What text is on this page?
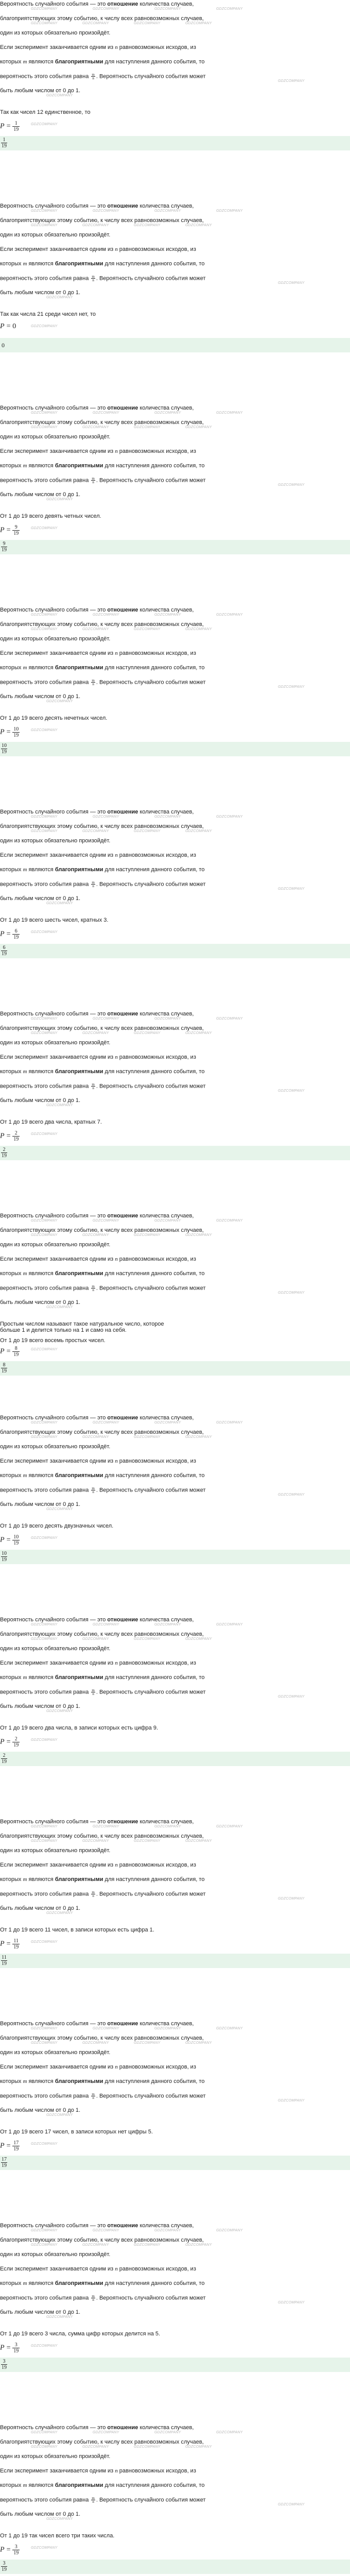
Вероятность случайного события — это отношение количества случаев,
благоприятствующих этому событию, к числу всех равновозможных случаев,
один из которых обязательно произойдёт.
Если эксперимент заканчивается одним из n равновозможных исходов, из
которых m являются благоприятными для наступления данного события, то
вероятность этого события равна $\frac{m}{n}$ . Вероятность случайного события может
быть любым числом от 0 до 1.
GDZCOMPANY	GDZCOMPANY	GDZCOMPANY	GDZCOMPANY
GDZCOMPANY	GDZCOMPANY	GDZCOMPANY	GDZCOMPANY
GDZCOMPANY
GDZCOMPANY
Так как чисел 12 единственное, то
$P = \frac{1}{19}$	GDZCOMPANY
$\frac{1}{19}$
Вероятность случайного события — это отношение количества случаев,
благоприятствующих этому событию, к числу всех равновозможных случаев,
один из которых обязательно произойдёт.
Если эксперимент заканчивается одним из n равновозможных исходов, из
которых m являются благоприятными для наступления данного события, то
вероятность этого события равна $\frac{m}{n}$ . Вероятность случайного события может
быть любым числом от 0 до 1.
GDZCOMPANY	GDZCOMPANY	GDZCOMPANY	GDZCOMPANY
GDZCOMPANY	GDZCOMPANY	GDZCOMPANY	GDZCOMPANY
GDZCOMPANY
GDZCOMPANY
Так как числа 21 среди чисел нет, то
P = 0	GDZCOMPANY
0
Вероятность случайного события — это отношение количества случаев,
благоприятствующих этому событию, к числу всех равновозможных случаев,
один из которых обязательно произойдёт.
Если эксперимент заканчивается одним из n равновозможных исходов, из
которых m являются благоприятными для наступления данного события, то
вероятность этого события равна $\frac{m}{n}$ . Вероятность случайного события может
быть любым числом от 0 до 1.
GDZCOMPANY	GDZCOMPANY	GDZCOMPANY	GDZCOMPANY
GDZCOMPANY	GDZCOMPANY	GDZCOMPANY	GDZCOMPANY
GDZCOMPANY
GDZCOMPANY
От 1 до 19 всего девять четных чисел.
$P = \frac{9}{19}$	GDZCOMPANY
$\frac{9}{19}$
Вероятность случайного события — это отношение количества случаев,
благоприятствующих этому событию, к числу всех равновозможных случаев,
один из которых обязательно произойдёт.
Если эксперимент заканчивается одним из n равновозможных исходов, из
которых m являются благоприятными для наступления данного события, то
вероятность этого события равна $\frac{m}{n}$ . Вероятность случайного события может
быть любым числом от 0 до 1.
GDZCOMPANY	GDZCOMPANY	GDZCOMPANY	GDZCOMPANY
GDZCOMPANY	GDZCOMPANY	GDZCOMPANY	GDZCOMPANY
GDZCOMPANY
GDZCOMPANY
От 1 до 19 всего десять нечетных чисел.
$P = \frac{10}{19}$	GDZCOMPANY
$\frac{10}{19}$
Вероятность случайного события — это отношение количества случаев,
благоприятствующих этому событию, к числу всех равновозможных случаев,
один из которых обязательно произойдёт.
Если эксперимент заканчивается одним из n равновозможных исходов, из
которых m являются благоприятными для наступления данного события, то
вероятность этого события равна $\frac{m}{n}$ . Вероятность случайного события может
быть любым числом от 0 до 1.
GDZCOMPANY	GDZCOMPANY	GDZCOMPANY	GDZCOMPANY
GDZCOMPANY	GDZCOMPANY	GDZCOMPANY	GDZCOMPANY
GDZCOMPANY
GDZCOMPANY
От 1 до 19 всего шесть чисел, кратных 3.
$P = \frac{6}{19}$	GDZCOMPANY
$\frac{6}{19}$
Вероятность случайного события — это отношение количества случаев,
благоприятствующих этому событию, к числу всех равновозможных случаев,
один из которых обязательно произойдёт.
Если эксперимент заканчивается одним из n равновозможных исходов, из
которых m являются благоприятными для наступления данного события, то
вероятность этого события равна $\frac{m}{n}$ . Вероятность случайного события может
быть любым числом от 0 до 1.
GDZCOMPANY	GDZCOMPANY	GDZCOMPANY	GDZCOMPANY
GDZCOMPANY	GDZCOMPANY	GDZCOMPANY	GDZCOMPANY
GDZCOMPANY
GDZCOMPANY
От 1 до 19 всего два числа, кратных 7.
$P = \frac{2}{19}$	GDZCOMPANY
$\frac{2}{19}$
Вероятность случайного события — это отношение количества случаев,
благоприятствующих этому событию, к числу всех равновозможных случаев,
один из которых обязательно произойдёт.
Если эксперимент заканчивается одним из n равновозможных исходов, из
которых m являются благоприятными для наступления данного события, то
вероятность этого события равна $\frac{m}{n}$ . Вероятность случайного события может
быть любым числом от 0 до 1.
GDZCOMPANY	GDZCOMPANY	GDZCOMPANY	GDZCOMPANY
GDZCOMPANY	GDZCOMPANY	GDZCOMPANY	GDZCOMPANY
GDZCOMPANY
GDZCOMPANY
Простым числом называют такое натуральное число, которое больше 1 и делится только на 1 и само на себя.
От 1 до 19 всего восемь простых чисел.
$P = \frac{8}{19}$	GDZCOMPANY
$\frac{8}{19}$
Вероятность случайного события — это отношение количества случаев,
благоприятствующих этому событию, к числу всех равновозможных случаев,
один из которых обязательно произойдёт.
Если эксперимент заканчивается одним из n равновозможных исходов, из
которых m являются благоприятными для наступления данного события, то
вероятность этого события равна $\frac{m}{n}$ . Вероятность случайного события может
быть любым числом от 0 до 1.
GDZCOMPANY	GDZCOMPANY	GDZCOMPANY	GDZCOMPANY
GDZCOMPANY	GDZCOMPANY	GDZCOMPANY	GDZCOMPANY
GDZCOMPANY
GDZCOMPANY
От 1 до 19 всего десять двузначных чисел.
$P = \frac{10}{19}$	GDZCOMPANY
$\frac{10}{19}$
Вероятность случайного события — это отношение количества случаев,
благоприятствующих этому событию, к числу всех равновозможных случаев,
один из которых обязательно произойдёт.
Если эксперимент заканчивается одним из n равновозможных исходов, из
которых m являются благоприятными для наступления данного события, то
вероятность этого события равна $\frac{m}{n}$ . Вероятность случайного события может
быть любым числом от 0 до 1.
GDZCOMPANY	GDZCOMPANY	GDZCOMPANY	GDZCOMPANY
GDZCOMPANY	GDZCOMPANY	GDZCOMPANY	GDZCOMPANY
GDZCOMPANY
GDZCOMPANY
От 1 до 19 всего два числа, в записи которых есть цифра 9.
$P = \frac{2}{19}$	GDZCOMPANY
$\frac{2}{19}$
Вероятность случайного события — это отношение количества случаев,
благоприятствующих этому событию, к числу всех равновозможных случаев,
один из которых обязательно произойдёт.
Если эксперимент заканчивается одним из n равновозможных исходов, из
которых m являются благоприятными для наступления данного события, то
вероятность этого события равна $\frac{m}{n}$ . Вероятность случайного события может
быть любым числом от 0 до 1.
GDZCOMPANY	GDZCOMPANY	GDZCOMPANY	GDZCOMPANY
GDZCOMPANY	GDZCOMPANY	GDZCOMPANY	GDZCOMPANY
GDZCOMPANY
GDZCOMPANY
От 1 до 19 всего 11 чисел, в записи которых есть цифра 1.
$P = \frac{11}{19}$	GDZCOMPANY
$\frac{11}{19}$
Вероятность случайного события — это отношение количества случаев,
благоприятствующих этому событию, к числу всех равновозможных случаев,
один из которых обязательно произойдёт.
Если эксперимент заканчивается одним из n равновозможных исходов, из
которых m являются благоприятными для наступления данного события, то
вероятность этого события равна $\frac{m}{n}$ . Вероятность случайного события может
быть любым числом от 0 до 1.
GDZCOMPANY	GDZCOMPANY	GDZCOMPANY	GDZCOMPANY
GDZCOMPANY	GDZCOMPANY	GDZCOMPANY	GDZCOMPANY
GDZCOMPANY
GDZCOMPANY
От 1 до 19 всего 17 чисел, в записи которых нет цифры 5.
$P = \frac{17}{19}$	GDZCOMPANY
$\frac{17}{19}$
Вероятность случайного события — это отношение количества случаев,
благоприятствующих этому событию, к числу всех равновозможных случаев,
один из которых обязательно произойдёт.
Если эксперимент заканчивается одним из n равновозможных исходов, из
которых m являются благоприятными для наступления данного события, то
вероятность этого события равна $\frac{m}{n}$ . Вероятность случайного события может
быть любым числом от 0 до 1.
GDZCOMPANY	GDZCOMPANY	GDZCOMPANY	GDZCOMPANY
GDZCOMPANY	GDZCOMPANY	GDZCOMPANY	GDZCOMPANY
GDZCOMPANY
GDZCOMPANY
От 1 до 19 всего 3 числа, сумма цифр которых делится на 5.
$P = \frac{3}{19}$	GDZCOMPANY
$\frac{3}{19}$
Вероятность случайного события — это отношение количества случаев,
благоприятствующих этому событию, к числу всех равновозможных случаев,
один из которых обязательно произойдёт.
Если эксперимент заканчивается одним из n равновозможных исходов, из
которых m являются благоприятными для наступления данного события, то
вероятность этого события равна $\frac{m}{n}$ . Вероятность случайного события может
быть любым числом от 0 до 1.
GDZCOMPANY	GDZCOMPANY	GDZCOMPANY	GDZCOMPANY
GDZCOMPANY	GDZCOMPANY	GDZCOMPANY	GDZCOMPANY
GDZCOMPANY
GDZCOMPANY
От 1 до 19 так чисел всего три таких числа.
$P = \frac{3}{19}$	GDZCOMPANY
$\frac{3}{19}$
